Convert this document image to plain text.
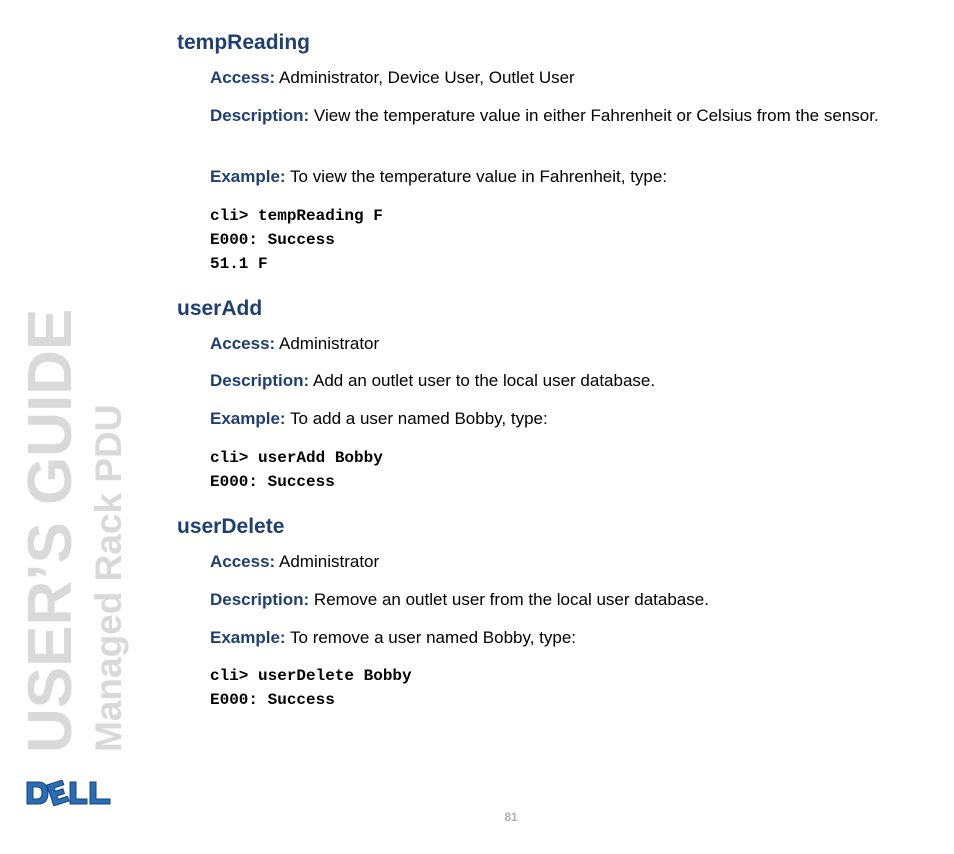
USER’S GUIDE Managed Rack PDU
tempReading

Access: Administrator, Device User, Outlet User

Description: View the temperature value in either Fahrenheit or Celsius from the sensor.

Example: To view the temperature value in Fahrenheit, type:

cli> tempReading F
E000: Success
51.1 F
userAdd

Access: Administrator

Description: Add an outlet user to the local user database.

Example: To add a user named Bobby, type:

cli> userAdd Bobby
E000: Success
userDelete

Access: Administrator

Description: Remove an outlet user from the local user database.

Example: To remove a user named Bobby, type:

cli> userDelete Bobby
E000: Success
81
